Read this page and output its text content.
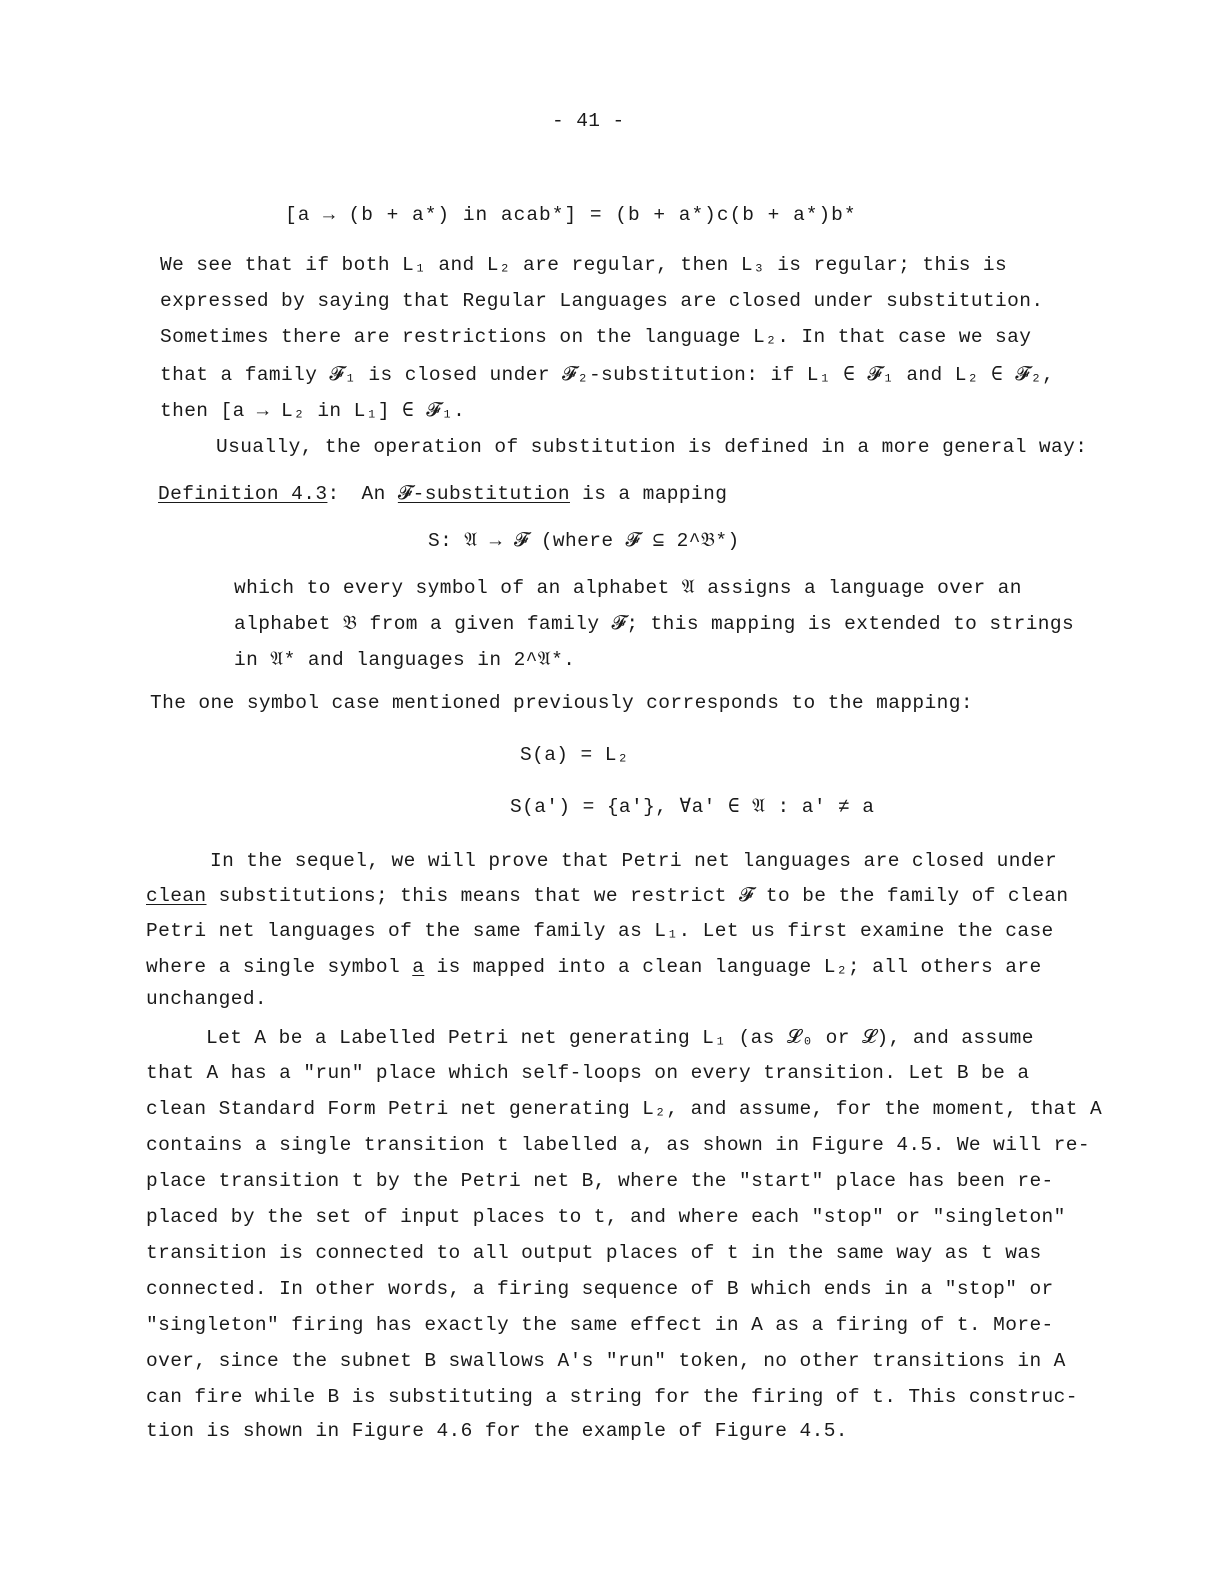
- 41 -
[a → (b + a*) in acab*] = (b + a*)c(b + a*)b*
We see that if both L₁ and L₂ are regular, then L₃ is regular; this is
expressed by saying that Regular Languages are closed under substitution.
Sometimes there are restrictions on the language L₂. In that case we say
that a family 𝓕₁ is closed under 𝓕₂-substitution: if L₁ ∈ 𝓕₁ and L₂ ∈ 𝓕₂,
then [a → L₂ in L₁] ∈ 𝓕₁.
Usually, the operation of substitution is defined in a more general way:
Definition 4.3: An 𝓕-substitution is a mapping
S: 𝔄 → 𝓕 (where 𝓕 ⊆ 2^𝔅*)
which to every symbol of an alphabet 𝔄 assigns a language over an
alphabet 𝔅 from a given family 𝓕; this mapping is extended to strings
in 𝔄* and languages in 2^𝔄*.
The one symbol case mentioned previously corresponds to the mapping:
S(a) = L₂
S(a') = {a'}, ∀a' ∈ 𝔄 : a' ≠ a
In the sequel, we will prove that Petri net languages are closed under
clean substitutions; this means that we restrict 𝓕 to be the family of clean
Petri net languages of the same family as L₁. Let us first examine the case
where a single symbol a is mapped into a clean language L₂; all others are
unchanged.
Let A be a Labelled Petri net generating L₁ (as 𝓛₀ or 𝓛), and assume
that A has a "run" place which self-loops on every transition. Let B be a
clean Standard Form Petri net generating L₂, and assume, for the moment, that A
contains a single transition t labelled a, as shown in Figure 4.5. We will re-
place transition t by the Petri net B, where the "start" place has been re-
placed by the set of input places to t, and where each "stop" or "singleton"
transition is connected to all output places of t in the same way as t was
connected. In other words, a firing sequence of B which ends in a "stop" or
"singleton" firing has exactly the same effect in A as a firing of t. More-
over, since the subnet B swallows A's "run" token, no other transitions in A
can fire while B is substituting a string for the firing of t. This construc-
tion is shown in Figure 4.6 for the example of Figure 4.5.
